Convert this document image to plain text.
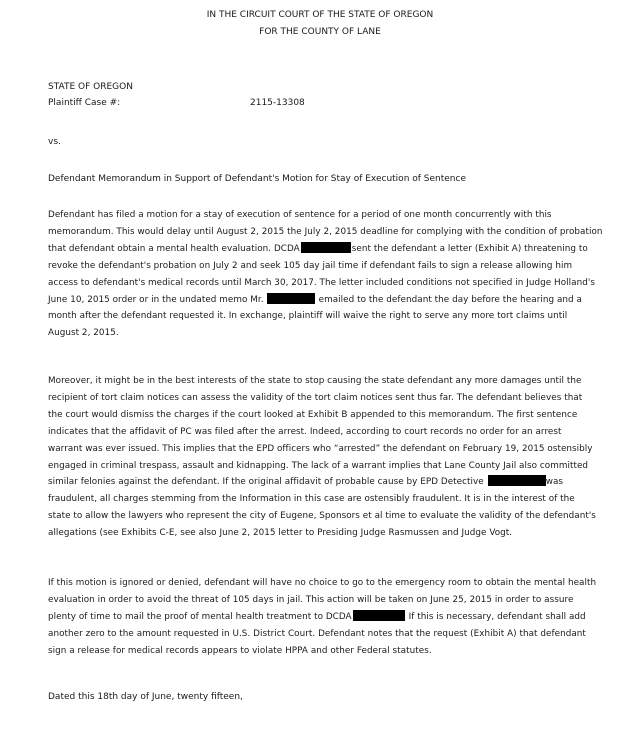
IN THE CIRCUIT COURT OF THE STATE OF OREGON
FOR THE COUNTY OF LANE
STATE OF OREGON
Plaintiff Case #:	2115-13308
vs.
Defendant Memorandum in Support of Defendant's Motion for Stay of Execution of Sentence
Defendant has filed a motion for a stay of execution of sentence for a period of one month concurrently with this
memorandum. This would delay until August 2, 2015 the July 2, 2015 deadline for complying with the condition of probation
that defendant obtain a mental health evaluation. DCDA	sent the defendant a letter (Exhibit A) threatening to
revoke the defendant's probation on July 2 and seek 105 day jail time if defendant fails to sign a release allowing him
access to defendant's medical records until March 30, 2017. The letter included conditions not specified in Judge Holland's
June 10, 2015 order or in the undated memo Mr.	emailed to the defendant the day before the hearing and a
month after the defendant requested it. In exchange, plaintiff will waive the right to serve any more tort claims until
August 2, 2015.
Moreover, it might be in the best interests of the state to stop causing the state defendant any more damages until the
recipient of tort claim notices can assess the validity of the tort claim notices sent thus far. The defendant believes that
the court would dismiss the charges if the court looked at Exhibit B appended to this memorandum. The first sentence
indicates that the affidavit of PC was filed after the arrest. Indeed, according to court records no order for an arrest
warrant was ever issued. This implies that the EPD officers who “arrested” the defendant on February 19, 2015 ostensibly
engaged in criminal trespass, assault and kidnapping. The lack of a warrant implies that Lane County Jail also committed
similar felonies against the defendant. If the original affidavit of probable cause by EPD Detective	was
fraudulent, all charges stemming from the Information in this case are ostensibly fraudulent. It is in the interest of the
state to allow the lawyers who represent the city of Eugene, Sponsors et al time to evaluate the validity of the defendant's
allegations (see Exhibits C-E, see also June 2, 2015 letter to Presiding Judge Rasmussen and Judge Vogt.
If this motion is ignored or denied, defendant will have no choice to go to the emergency room to obtain the mental health
evaluation in order to avoid the threat of 105 days in jail. This action will be taken on June 25, 2015 in order to assure
plenty of time to mail the proof of mental health treatment to DCDA	If this is necessary, defendant shall add
another zero to the amount requested in U.S. District Court. Defendant notes that the request (Exhibit A) that defendant
sign a release for medical records appears to violate HPPA and other Federal statutes.
Dated this 18th day of June, twenty fifteen,
